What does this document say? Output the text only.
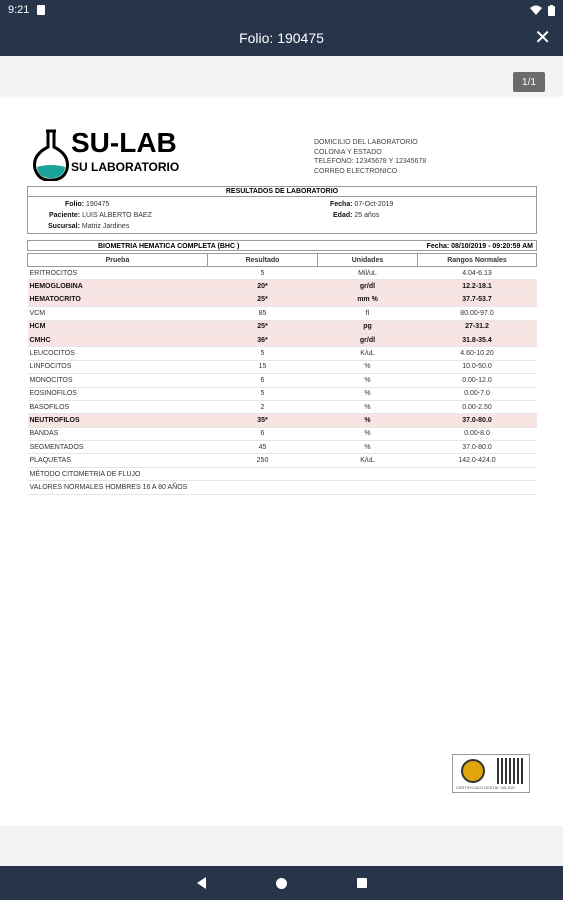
9:21
Folio: 190475	✕
1/1
SU-LAB
SU LABORATORIO
DOMICILIO DEL LABORATORIO
COLONIA Y ESTADO
TELEFONO: 12345678 Y 12345678
CORREO ELECTRONICO
RESULTADOS DE LABORATORIO
Folio: 190475
Paciente: LUIS ALBERTO BAEZ
Sucursal: Matriz Jardines
Fecha: 07-Oct-2019
Edad: 25 años
BIOMETRIA HEMATICA COMPLETA (BHC )	Fecha: 08/10/2019 - 09:20:59 AM
Prueba	Resultado	Unidades	Rangos Normales
ERITROCITOS	5	Mil/uL	4.04-6.13
HEMOGLOBINA	20*	gr/dl	12.2-18.1
HEMATOCRITO	25*	mm %	37.7-53.7
VCM	85	fl	80.00-97.0
HCM	25*	pg	27-31.2
CMHC	36*	gr/dl	31.8-35.4
LEUCOCITOS	5	K/uL	4.60-10.20
LINFOCITOS	15	%	10.0-50.0
MONOCITOS	6	%	0.00-12.0
EOSINOFILOS	5	%	0.00-7.0
BASOFILOS	2	%	0.00-2.50
NEUTROFILOS	35*	%	37.0-80.0
BANDAS	6	%	0.00-8.0
SEGMENTADOS	45	%	37.0-80.0
PLAQUETAS	250	K/uL	142.0-424.0
MÉTODO CITOMETRIA DE FLUJO			
VALORES NORMALES HOMBRES 16 A 80 AÑOS			
CERTIFICADO DIGITAL VALIDO
